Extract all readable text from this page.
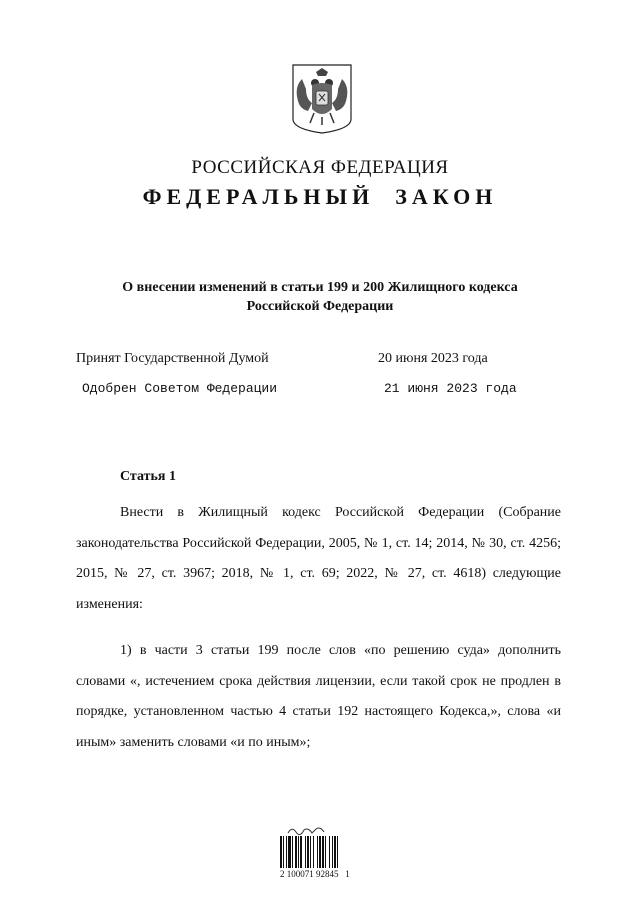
РОССИЙСКАЯ ФЕДЕРАЦИЯ
ФЕДЕРАЛЬНЫЙ  ЗАКОН
О внесении изменений в статьи 199 и 200 Жилищного кодекса
Российской Федерации
Принят Государственной Думой	20 июня 2023 года
Одобрен Советом Федерации	21 июня 2023 года
Статья 1
Внести в Жилищный кодекс Российской Федерации (Собрание законодательства Российской Федерации, 2005, № 1, ст. 14; 2014, № 30, ст. 4256; 2015, № 27, ст. 3967; 2018, № 1, ст. 69; 2022, № 27, ст. 4618) следующие изменения:
1) в части 3 статьи 199 после слов «по решению суда» дополнить словами «, истечением срока действия лицензии, если такой срок не продлен в порядке, установленном частью 4 статьи 192 настоящего Кодекса,», слова «и иным» заменить словами «и по иным»;
2 100071 92845   1
